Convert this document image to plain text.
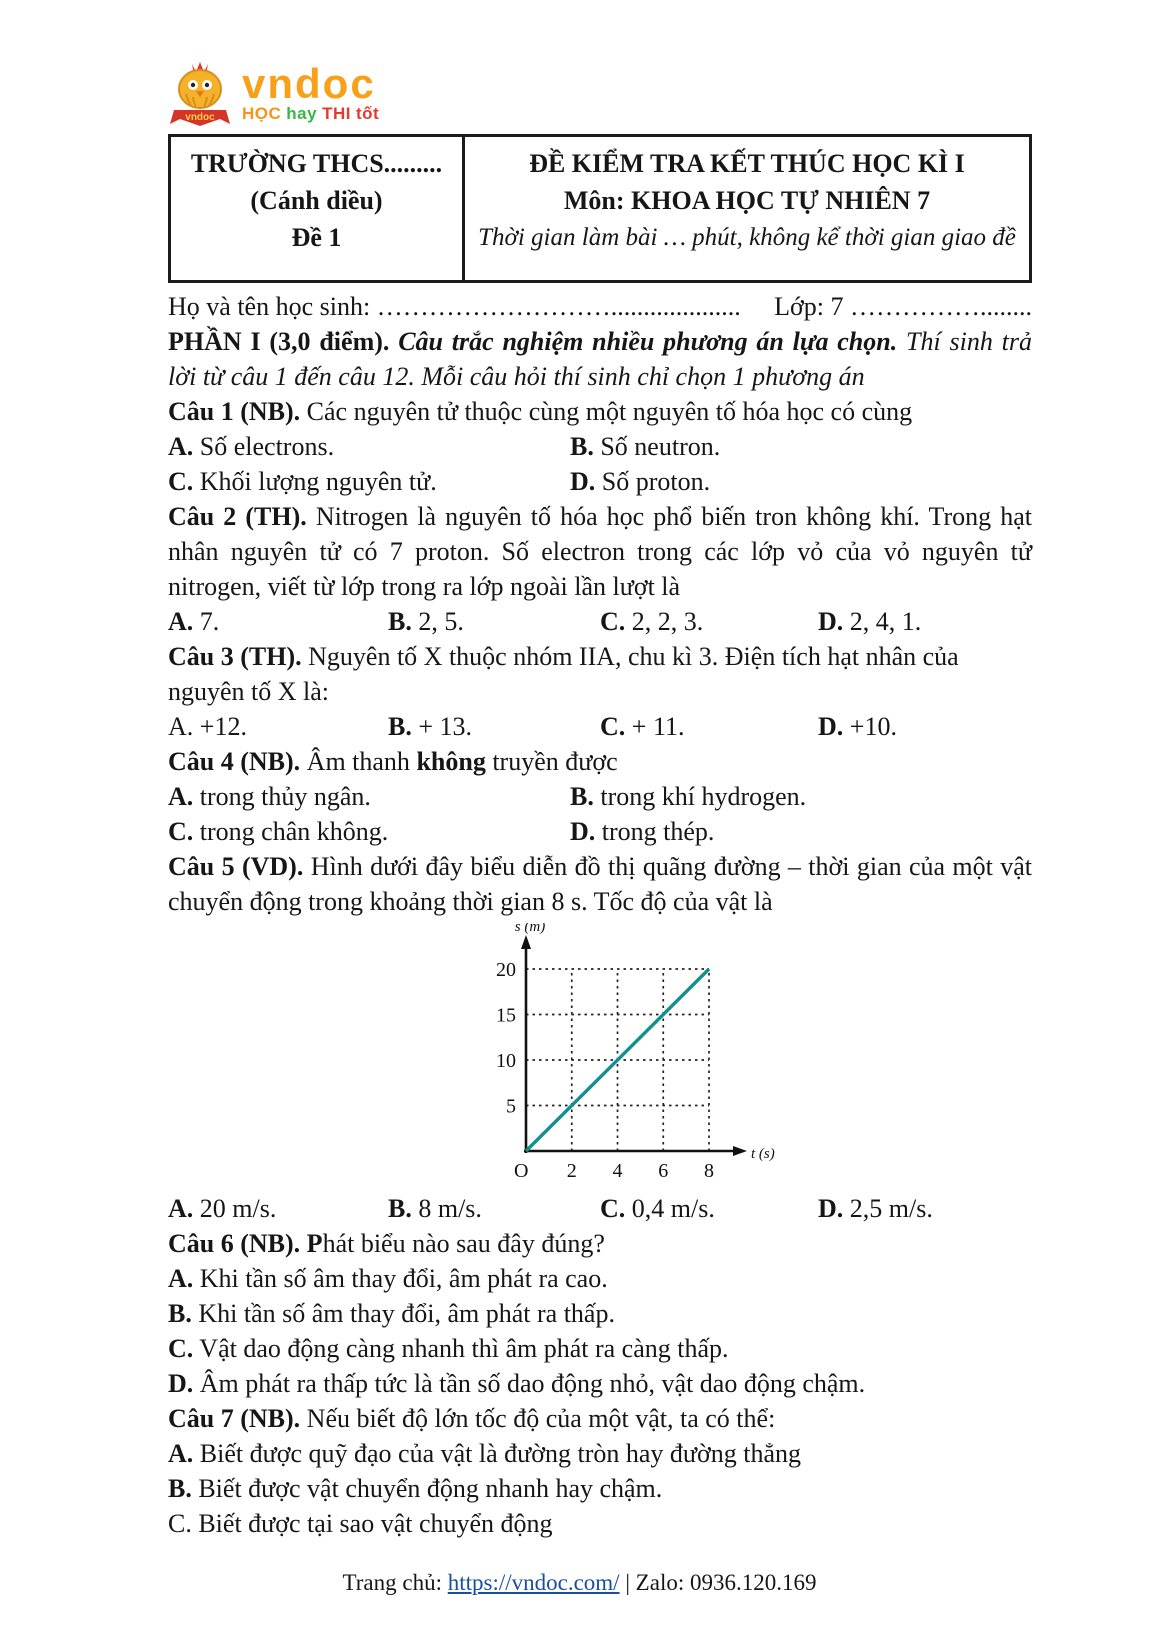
vndoc
vndoc
HỌC hay THI tốt
TRƯỜNG THCS.........
(Cánh diều)
Đề 1

ĐỀ KIỂM TRA KẾT THÚC HỌC KÌ I
Môn: KHOA HỌC TỰ NHIÊN 7
Thời gian làm bài … phút, không kể thời gian giao đề
Họ và tên học sinh: ……………………….................... Lớp: 7 ……………........

PHẦN I (3,0 điểm). Câu trắc nghiệm nhiều phương án lựa chọn. Thí sinh trả lời từ câu 1 đến câu 12. Mỗi câu hỏi thí sinh chỉ chọn 1 phương án

Câu 1 (NB). Các nguyên tử thuộc cùng một nguyên tố hóa học có cùng

A. Số electrons.	B. Số neutron.
C. Khối lượng nguyên tử.	D. Số proton.

Câu 2 (TH). Nitrogen là nguyên tố hóa học phổ biến tron không khí. Trong hạt nhân nguyên tử có 7 proton. Số electron trong các lớp vỏ của vỏ nguyên tử nitrogen, viết từ lớp trong ra lớp ngoài lần lượt là

A. 7.	B. 2, 5.	C. 2, 2, 3.	D. 2, 4, 1.

Câu 3 (TH). Nguyên tố X thuộc nhóm IIA, chu kì 3. Điện tích hạt nhân của nguyên tố X là:

A. +12.	B. + 13.	C. + 11.	D. +10.

Câu 4 (NB). Âm thanh không truyền được

A. trong thủy ngân.	B. trong khí hydrogen.
C. trong chân không.	D. trong thép.

Câu 5 (VD). Hình dưới đây biểu diễn đồ thị quãng đường – thời gian của một vật chuyển động trong khoảng thời gian 8 s. Tốc độ của vật là

5
10
15
20
2 4 6 8
s (m)
t (s)
O
A. 20 m/s.	B. 8 m/s.	C. 0,4 m/s.	D. 2,5 m/s.

Câu 6 (NB). Phát biểu nào sau đây đúng?

A. Khi tần số âm thay đổi, âm phát ra cao.
B. Khi tần số âm thay đổi, âm phát ra thấp.
C. Vật dao động càng nhanh thì âm phát ra càng thấp.
D. Âm phát ra thấp tức là tần số dao động nhỏ, vật dao động chậm.

Câu 7 (NB). Nếu biết độ lớn tốc độ của một vật, ta có thể:

A. Biết được quỹ đạo của vật là đường tròn hay đường thẳng
B. Biết được vật chuyển động nhanh hay chậm.
C. Biết được tại sao vật chuyển động
Trang chủ: https://vndoc.com/ | Zalo: 0936.120.169
